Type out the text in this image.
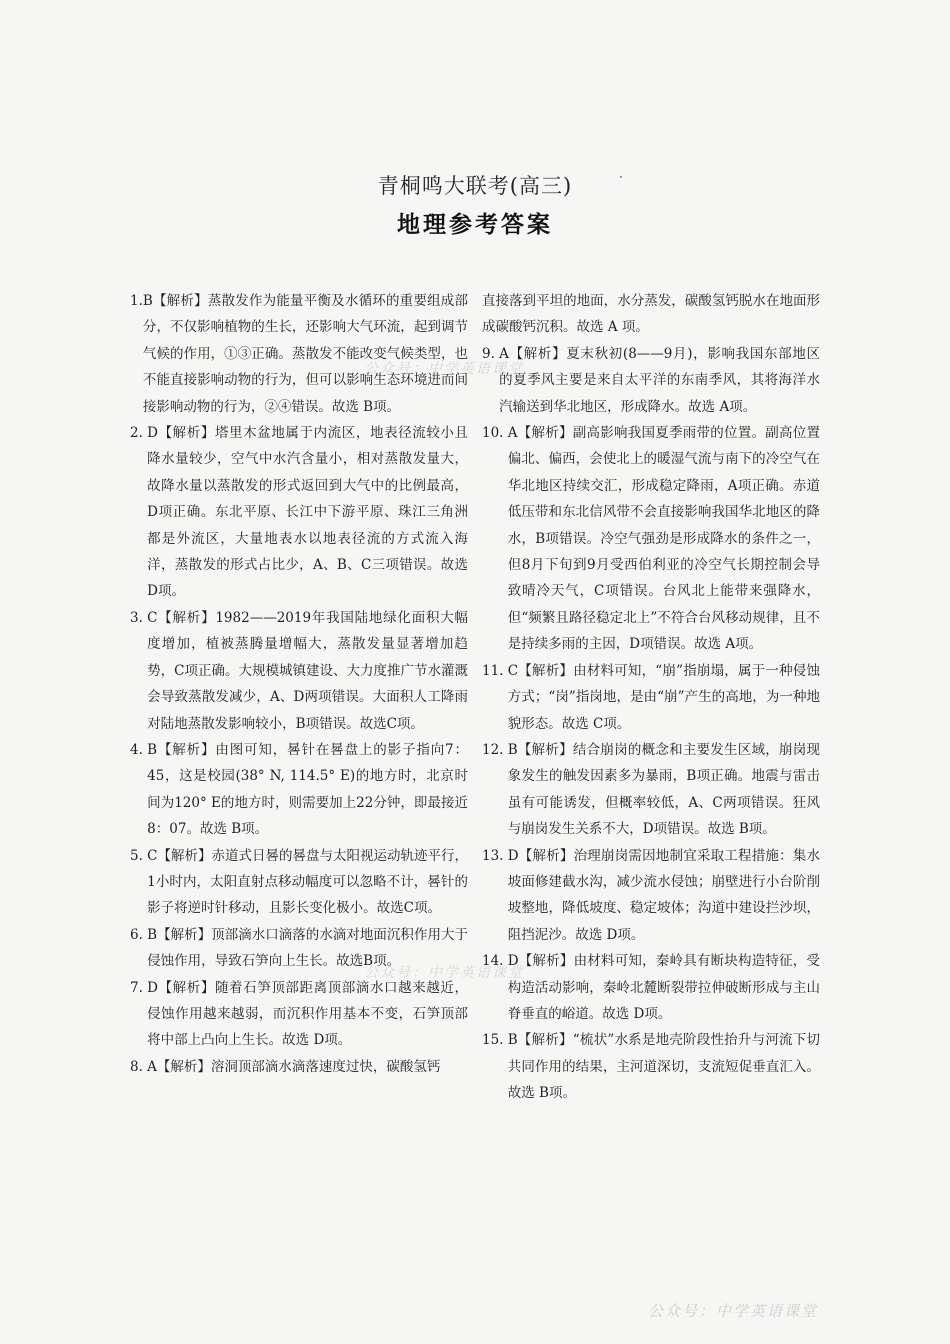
青桐鸣大联考(高三)
地理参考答案
1. B【解析】蒸散发作为能量平衡及水循环的重要组成部分，不仅影响植物的生长，还影响大气环流，起到调节气候的作用，①③正确。蒸散发不能改变气候类型，也不能直接影响动物的行为，但可以影响生态环境进而间接影响动物的行为，②④错误。故选 B项。
2. D【解析】塔里木盆地属于内流区，地表径流较小且降水量较少，空气中水汽含量小，相对蒸散发量大，故降水量以蒸散发的形式返回到大气中的比例最高，D项正确。东北平原、长江中下游平原、珠江三角洲都是外流区，大量地表水以地表径流的方式流入海洋，蒸散发的形式占比少，A、B、C三项错误。故选D项。
3. C【解析】1982——2019年我国陆地绿化面积大幅度增加，植被蒸腾量增幅大，蒸散发量显著增加趋势，C项正确。大规模城镇建设、大力度推广节水灌溉会导致蒸散发减少，A、D两项错误。大面积人工降雨对陆地蒸散发影响较小，B项错误。故选C项。
4. B【解析】由图可知，晷针在晷盘上的影子指向7：45，这是校园(38° N, 114.5° E)的地方时，北京时间为120° E的地方时，则需要加上22分钟，即最接近8：07。故选 B项。
5. C【解析】赤道式日晷的晷盘与太阳视运动轨迹平行，1小时内，太阳直射点移动幅度可以忽略不计，晷针的影子将逆时针移动，且影长变化极小。故选C项。
6. B【解析】顶部滴水口滴落的水滴对地面沉积作用大于侵蚀作用，导致石笋向上生长。故选B项。
7. D【解析】随着石笋顶部距离顶部滴水口越来越近，侵蚀作用越来越弱，而沉积作用基本不变，石笋顶部将中部上凸向上生长。故选 D项。
8. A【解析】溶洞顶部滴水滴落速度过快，碳酸氢钙
直接落到平坦的地面，水分蒸发，碳酸氢钙脱水在地面形成碳酸钙沉积。故选 A 项。
9. A【解析】夏末秋初(8——9月)，影响我国东部地区的夏季风主要是来自太平洋的东南季风，其将海洋水汽输送到华北地区，形成降水。故选 A项。
10. A【解析】副高影响我国夏季雨带的位置。副高位置偏北、偏西，会使北上的暖湿气流与南下的冷空气在华北地区持续交汇，形成稳定降雨，A项正确。赤道低压带和东北信风带不会直接影响我国华北地区的降水，B项错误。冷空气强劲是形成降水的条件之一，但8月下旬到9月受西伯利亚的冷空气长期控制会导致晴冷天气，C项错误。台风北上能带来强降水，但“频繁且路径稳定北上”不符合台风移动规律，且不是持续多雨的主因，D项错误。故选 A项。
11. C【解析】由材料可知，“崩”指崩塌，属于一种侵蚀方式；“岗”指岗地，是由“崩”产生的高地，为一种地貌形态。故选 C项。
12. B【解析】结合崩岗的概念和主要发生区域，崩岗现象发生的触发因素多为暴雨，B项正确。地震与雷击虽有可能诱发，但概率较低，A、C两项错误。狂风与崩岗发生关系不大，D项错误。故选 B项。
13. D【解析】治理崩岗需因地制宜采取工程措施：集水坡面修建截水沟，减少流水侵蚀；崩壁进行小台阶削坡整地，降低坡度、稳定坡体；沟道中建设拦沙坝，阻挡泥沙。故选 D项。
14. D【解析】由材料可知，秦岭具有断块构造特征，受构造活动影响，秦岭北麓断裂带拉伸破断形成与主山脊垂直的峪道。故选 D项。
15. B【解析】“梳状”水系是地壳阶段性抬升与河流下切共同作用的结果，主河道深切，支流短促垂直汇入。故选 B项。
公众号：中学英语课堂
公众号：中学英语课堂
公众号：中学英语课堂
